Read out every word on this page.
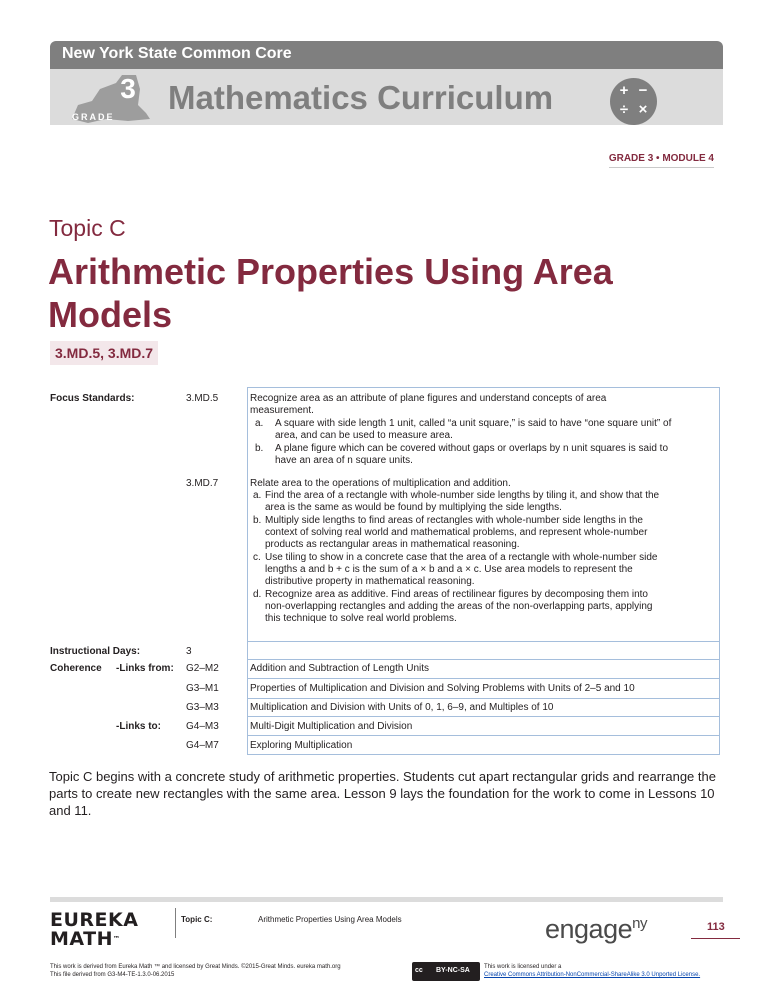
New York State Common Core
3
GRADE
Mathematics Curriculum	+ −
÷ ×
GRADE 3 • MODULE 4
Topic C
Arithmetic Properties Using Area Models
3.MD.5, 3.MD.7
Focus Standards:	3.MD.5	Recognize area as an attribute of plane figures and understand concepts of area measurement.
a. A square with side length 1 unit, called “a unit square,” is said to have “one square unit” of area, and can be used to measure area.
b. A plane figure which can be covered without gaps or overlaps by n unit squares is said to have an area of n square units.
3.MD.7	Relate area to the operations of multiplication and addition.
a. Find the area of a rectangle with whole-number side lengths by tiling it, and show that the area is the same as would be found by multiplying the side lengths.
b. Multiply side lengths to find areas of rectangles with whole-number side lengths in the context of solving real world and mathematical problems, and represent whole-number products as rectangular areas in mathematical reasoning.
c. Use tiling to show in a concrete case that the area of a rectangle with whole-number side lengths a and b + c is the sum of a × b and a × c. Use area models to represent the distributive property in mathematical reasoning.
d. Recognize area as additive. Find areas of rectilinear figures by decomposing them into non-overlapping rectangles and adding the areas of the non-overlapping parts, applying this technique to solve real world problems.
Instructional Days:	3
Coherence -Links from: G2–M2	Addition and Subtraction of Length Units
G3–M1	Properties of Multiplication and Division and Solving Problems with Units of 2–5 and 10
G3–M3	Multiplication and Division with Units of 0, 1, 6–9, and Multiples of 10
-Links to:	G4–M3	Multi-Digit Multiplication and Division
G4–M7	Exploring Multiplication
Topic C begins with a concrete study of arithmetic properties. Students cut apart rectangular grids and rearrange the parts to create new rectangles with the same area. Lesson 9 lays the foundation for the work to come in Lessons 10 and 11.
EUREKA
MATH™
Topic C:	Arithmetic Properties Using Area Models	engage$^{ny}$	113
This work is derived from Eureka Math ™ and licensed by Great Minds. ©2015-Great Minds. eureka math.org
This file derived from G3-M4-TE-1.3.0-06.2015
cc BY-NC-SA This work is licensed under a
Creative Commons Attribution-NonCommercial-ShareAlike 3.0 Unported License.
